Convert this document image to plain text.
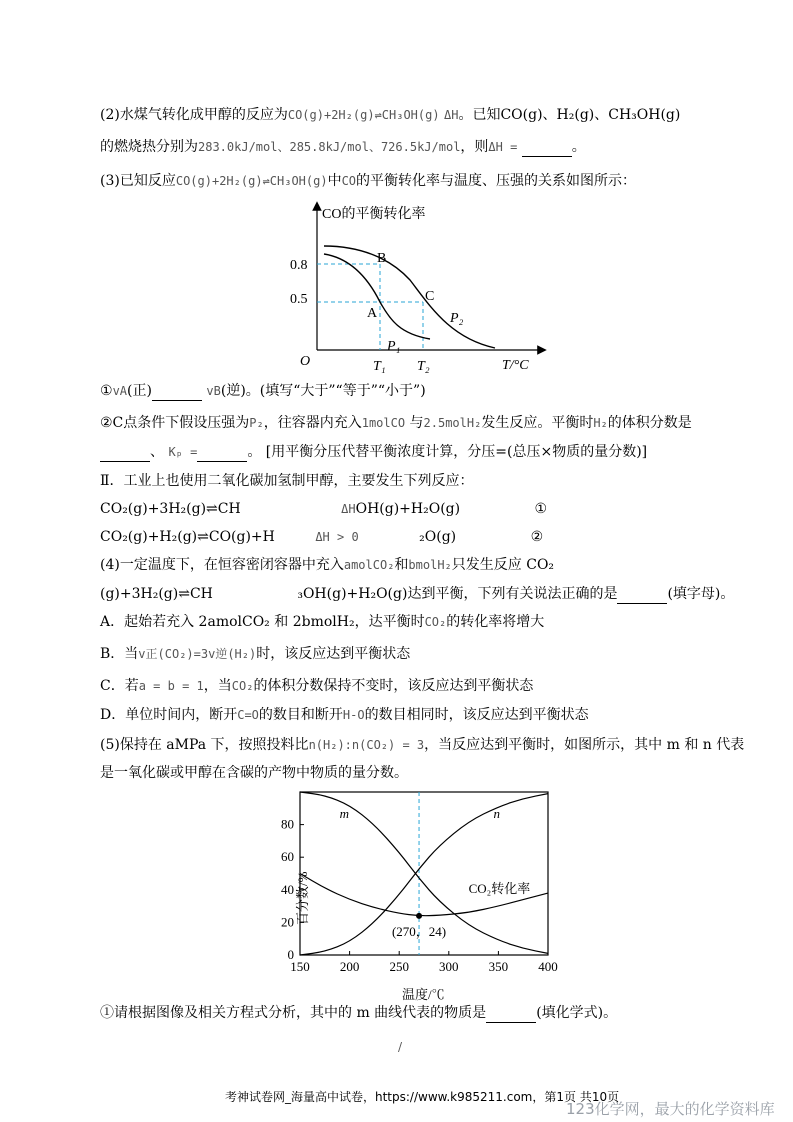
(2)水煤气转化成甲醇的反应为CO(g)+2H₂(g)⇌CH₃OH(g) ΔH。已知CO(g)、H₂(g)、CH₃OH(g)
的燃烧热分别为283.0kJ/mol、285.8kJ/mol、726.5kJ/mol，则ΔH =	。
(3)已知反应CO(g)+2H₂(g)⇌CH₃OH(g)中CO的平衡转化率与温度、压强的关系如图所示：
CO的平衡转化率
O	T/°C
0.8
0.5
B
A
C
P₂
P₁
T₁ T₂
①vA(正)	vB(逆)。(填写“大于”“等于”“小于”)
②C点条件下假设压强为P₂，往容器内充入1molCO 与2.5molH₂发生反应。平衡时H₂的体积分数是
、 Kₚ =	。 [用平衡分压代替平衡浓度计算，分压=(总压×物质的量分数)]
Ⅱ．工业上也使用二氧化碳加氢制甲醇，主要发生下列反应：
CO₂(g)+3H₂(g)⇌CH	ΔHOH(g)+H₂O(g)	①
CO₂(g)+H₂(g)⇌CO(g)+H	ΔH > 0	₂O(g)	②
(4)一定温度下，在恒容密闭容器中充入amolCO₂和bmolH₂只发生反应 CO₂
(g)+3H₂(g)⇌CH	₃OH(g)+H₂O(g)达到平衡，下列有关说法正确的是	(填字母)。
A．起始若充入 2amolCO₂ 和 2bmolH₂，达平衡时CO₂的转化率将增大
B．当v正(CO₂)=3v逆(H₂)时，该反应达到平衡状态
C．若a = b = 1，当CO₂的体积分数保持不变时，该反应达到平衡状态
D．单位时间内，断开C=O的数目和断开H-O的数目相同时，该反应达到平衡状态
(5)保持在 aMPa 下，按照投料比n(H₂):n(CO₂) = 3，当反应达到平衡时，如图所示，其中 m 和 n 代表
是一氧化碳或甲醇在含碳的产物中物质的量分数。
150 200 250 300 350 400
0
20
40
60
80
m	n
CO₂转化率
(270，24)
百分数/%
温度/℃
①请根据图像及相关方程式分析，其中的 m 曲线代表的物质是	(填化学式)。
/
考神试卷网_海量高中试卷，https://www.k985211.com，第1页 共10页
123化学网，最大的化学资料库
